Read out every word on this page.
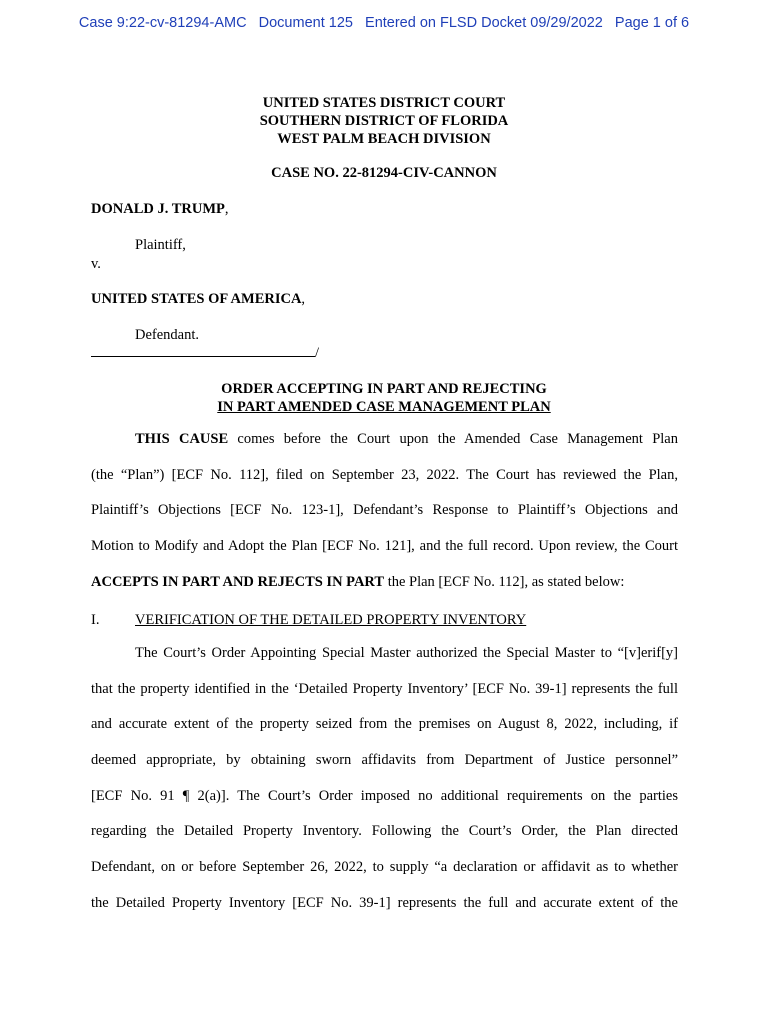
Case 9:22-cv-81294-AMC   Document 125   Entered on FLSD Docket 09/29/2022   Page 1 of 6
UNITED STATES DISTRICT COURT
SOUTHERN DISTRICT OF FLORIDA
WEST PALM BEACH DIVISION
CASE NO. 22-81294-CIV-CANNON
DONALD J. TRUMP,
Plaintiff,
v.
UNITED STATES OF AMERICA,
Defendant.
/
ORDER ACCEPTING IN PART AND REJECTING
IN PART AMENDED CASE MANAGEMENT PLAN
THIS CAUSE comes before the Court upon the Amended Case Management Plan
(the “Plan”) [ECF No. 112], filed on September 23, 2022. The Court has reviewed the Plan,
Plaintiff’s Objections [ECF No. 123-1], Defendant’s Response to Plaintiff’s Objections and
Motion to Modify and Adopt the Plan [ECF No. 121], and the full record. Upon review, the Court
ACCEPTS IN PART AND REJECTS IN PART the Plan [ECF No. 112], as stated below:
I. VERIFICATION OF THE DETAILED PROPERTY INVENTORY
The Court’s Order Appointing Special Master authorized the Special Master to “[v]erif[y]
that the property identified in the ‘Detailed Property Inventory’ [ECF No. 39-1] represents the full
and accurate extent of the property seized from the premises on August 8, 2022, including, if
deemed appropriate, by obtaining sworn affidavits from Department of Justice personnel”
[ECF No. 91 ¶ 2(a)]. The Court’s Order imposed no additional requirements on the parties
regarding the Detailed Property Inventory. Following the Court’s Order, the Plan directed
Defendant, on or before September 26, 2022, to supply “a declaration or affidavit as to whether
the Detailed Property Inventory [ECF No. 39-1] represents the full and accurate extent of the
